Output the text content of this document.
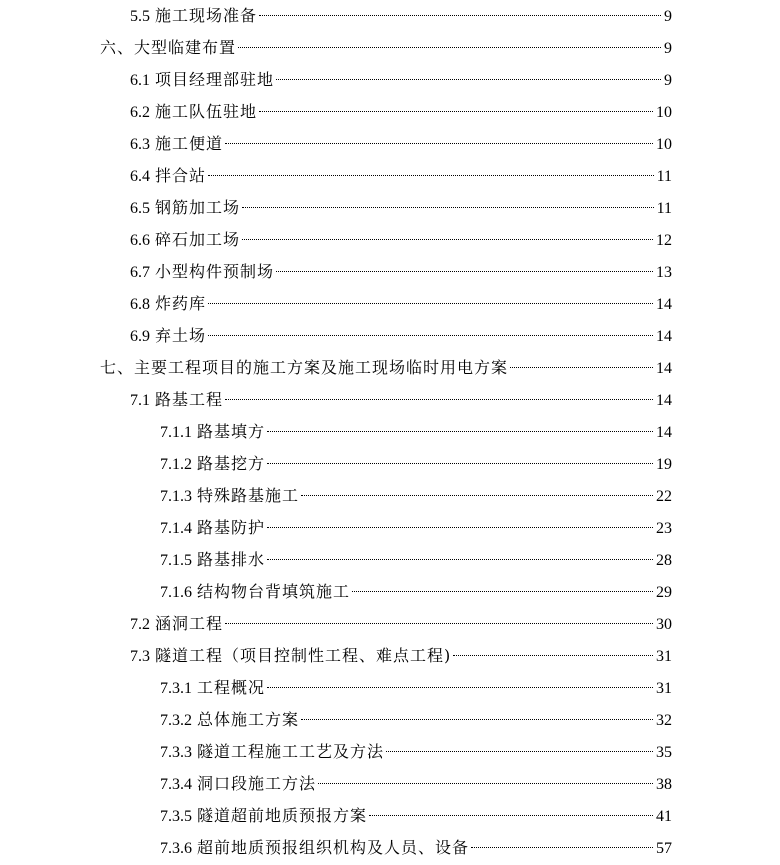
5.5 施工现场准备	9
六、大型临建布置	9
6.1 项目经理部驻地	9
6.2 施工队伍驻地	10
6.3 施工便道	10
6.4 拌合站	11
6.5 钢筋加工场	11
6.6 碎石加工场	12
6.7 小型构件预制场	13
6.8 炸药库	14
6.9 弃土场	14
七、主要工程项目的施工方案及施工现场临时用电方案	14
7.1 路基工程	14
7.1.1 路基填方	14
7.1.2 路基挖方	19
7.1.3 特殊路基施工	22
7.1.4 路基防护	23
7.1.5 路基排水	28
7.1.6 结构物台背填筑施工	29
7.2 涵洞工程	30
7.3 隧道工程（项目控制性工程、难点工程)	31
7.3.1 工程概况	31
7.3.2 总体施工方案	32
7.3.3 隧道工程施工工艺及方法	35
7.3.4 洞口段施工方法	38
7.3.5 隧道超前地质预报方案	41
7.3.6 超前地质预报组织机构及人员、设备	57
